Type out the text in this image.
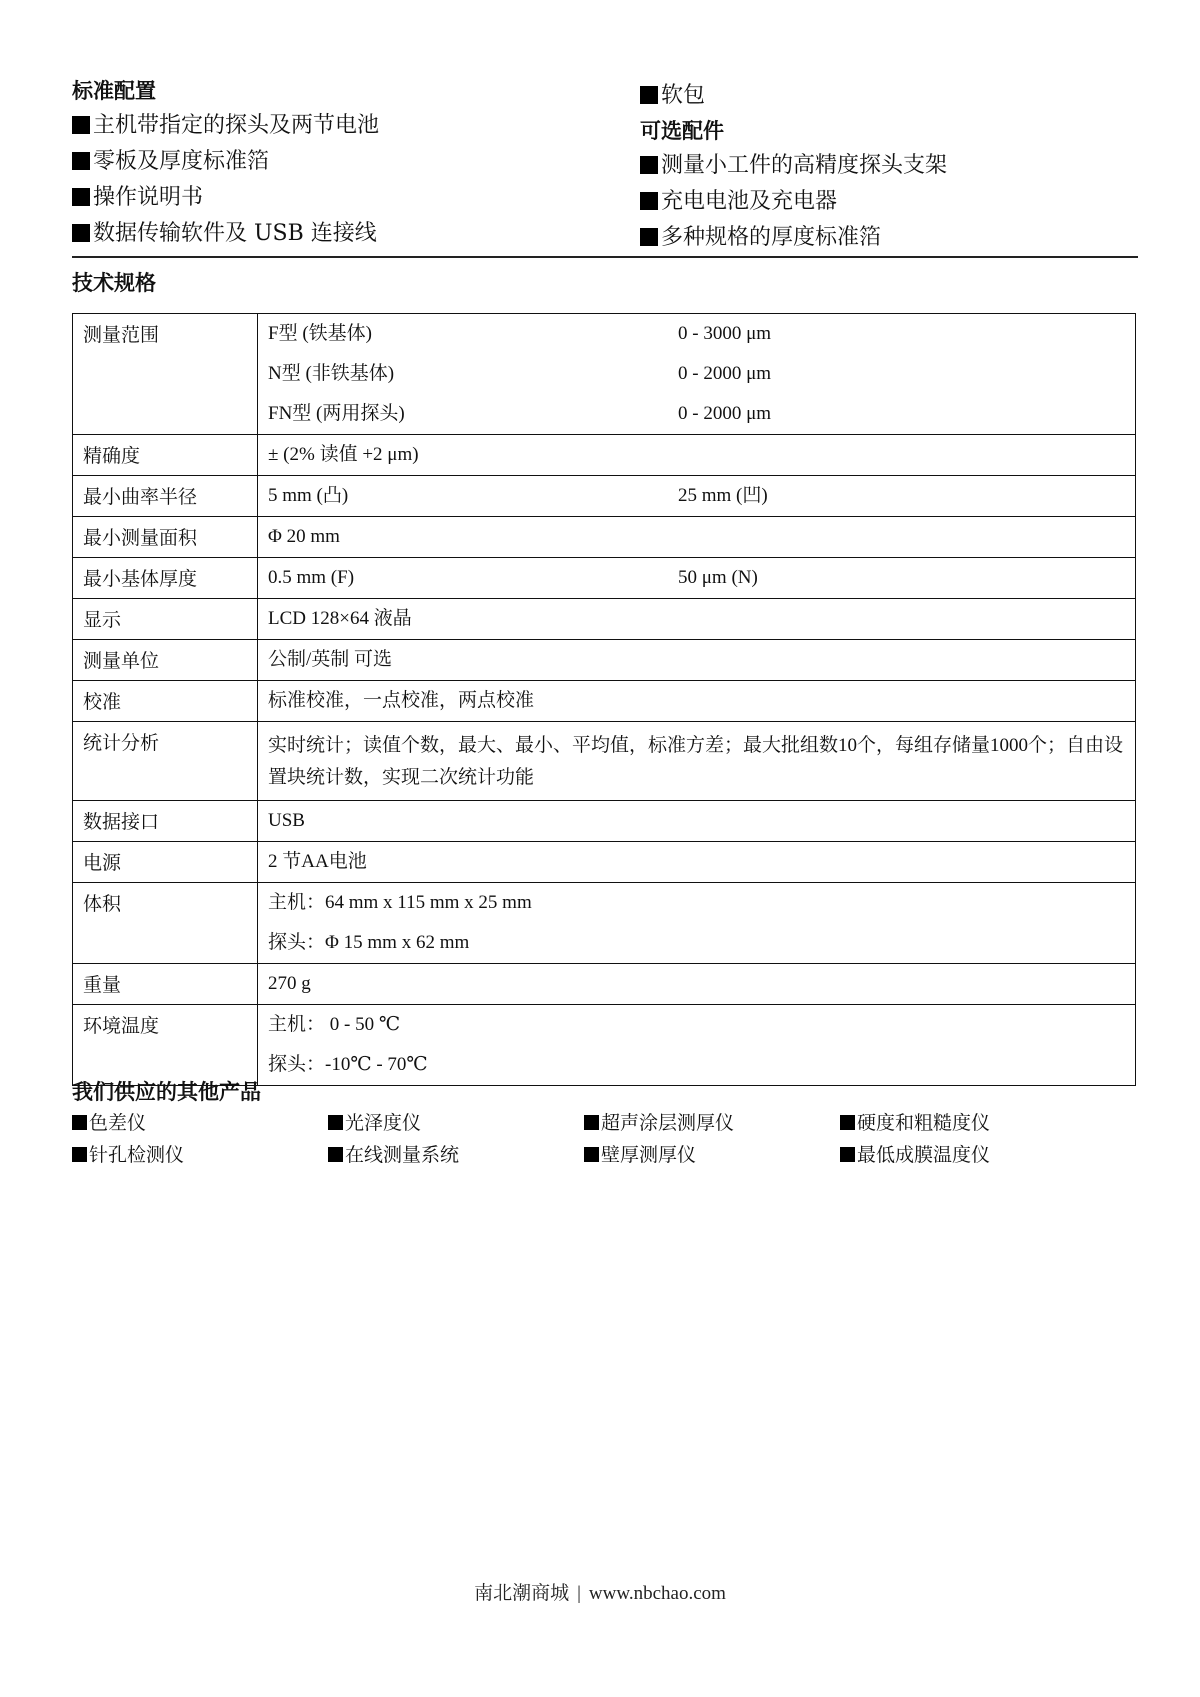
标准配置
主机带指定的探头及两节电池
零板及厚度标准箔
操作说明书
数据传输软件及 USB 连接线
软包
可选配件
测量小工件的高精度探头支架
充电电池及充电器
多种规格的厚度标准箔
技术规格
测量范围	F型 (铁基体)	0 - 3000 μm
N型 (非铁基体)	0 - 2000 μm
FN型 (两用探头)	0 - 2000 μm

精确度	± (2% 读值 +2 μm)

最小曲率半径	5 mm (凸) 25 mm (凹)

最小测量面积	Φ 20 mm

最小基体厚度	0.5 mm (F) 50 μm (N)

显示	LCD 128×64 液晶

测量单位	公制/英制 可选

校准	标准校准，一点校准，两点校准

统计分析	实时统计；读值个数，最大、最小、平均值，标准方差；最大批组数10个，每组存储量1000个；自由设置块统计数，实现二次统计功能

数据接口	USB

电源	2 节AA电池

体积	主机：64 mm x 115 mm x 25 mm
探头：Φ 15 mm x 62 mm

重量	270 g

环境温度	主机： 0 - 50 ℃
探头：-10℃ - 70℃
我们供应的其他产品
色差仪	光泽度仪	超声涂层测厚仪	硬度和粗糙度仪
针孔检测仪	在线测量系统	壁厚测厚仪	最低成膜温度仪
南北潮商城 | www.nbchao.com
